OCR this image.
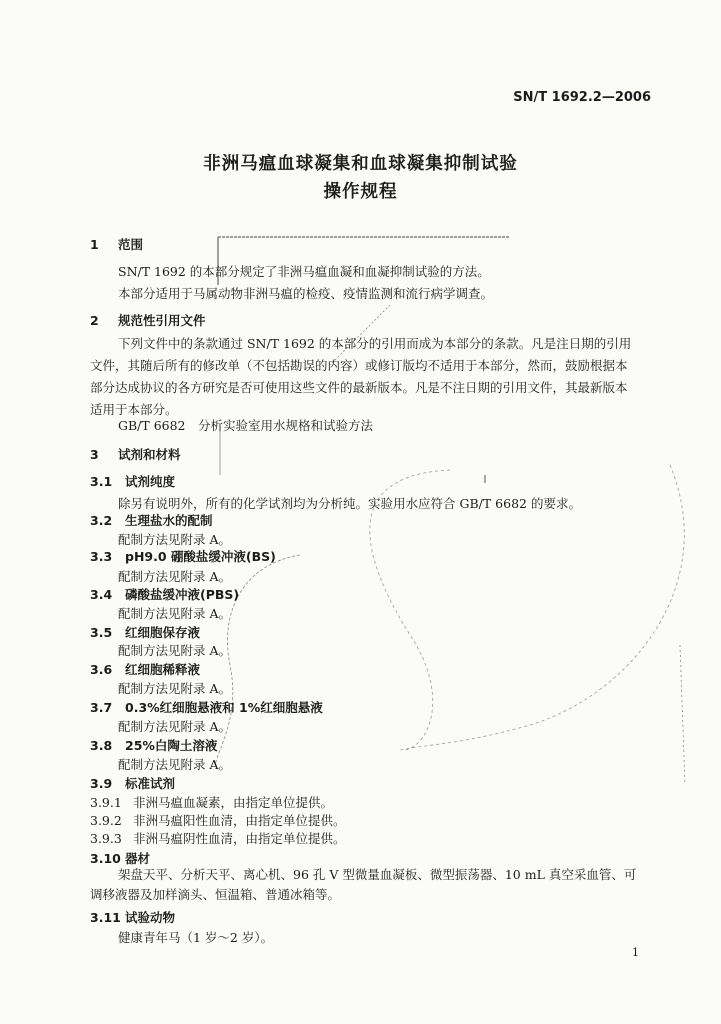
SN/T 1692.2—2006
非洲马瘟血球凝集和血球凝集抑制试验
操作规程
1 范围
SN/T 1692 的本部分规定了非洲马瘟血凝和血凝抑制试验的方法。
本部分适用于马属动物非洲马瘟的检疫、疫情监测和流行病学调查。
2 规范性引用文件
下列文件中的条款通过 SN/T 1692 的本部分的引用而成为本部分的条款。凡是注日期的引用文件，其随后所有的修改单（不包括勘误的内容）或修订版均不适用于本部分，然而，鼓励根据本部分达成协议的各方研究是否可使用这些文件的最新版本。凡是不注日期的引用文件，其最新版本适用于本部分。
GB/T 6682　分析实验室用水规格和试验方法
3 试剂和材料
3.1 试剂纯度
除另有说明外，所有的化学试剂均为分析纯。实验用水应符合 GB/T 6682 的要求。
3.2 生理盐水的配制
配制方法见附录 A。
3.3 pH9.0 硼酸盐缓冲液(BS)
配制方法见附录 A。
3.4 磷酸盐缓冲液(PBS)
配制方法见附录 A。
3.5 红细胞保存液
配制方法见附录 A。
3.6 红细胞稀释液
配制方法见附录 A。
3.7 0.3%红细胞悬液和 1%红细胞悬液
配制方法见附录 A。
3.8 25%白陶土溶液
配制方法见附录 A。
3.9 标准试剂
3.9.1 非洲马瘟血凝素，由指定单位提供。
3.9.2 非洲马瘟阳性血清，由指定单位提供。
3.9.3 非洲马瘟阴性血清，由指定单位提供。
3.10 器材
架盘天平、分析天平、离心机、96 孔 V 型微量血凝板、微型振荡器、10 mL 真空采血管、可调移液器及加样滴头、恒温箱、普通冰箱等。
3.11 试验动物
健康青年马（1 岁～2 岁）。
1
